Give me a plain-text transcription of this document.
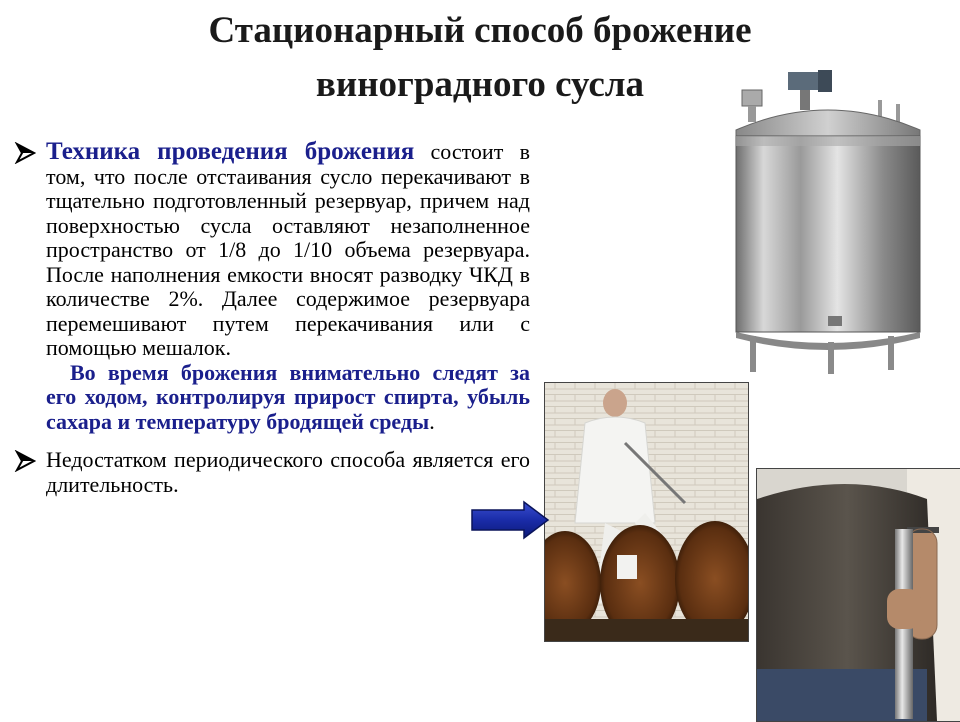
Стационарный способ брожение
виноградного сусла

Техника проведения брожения состоит в том, что после отстаивания сусло перекачивают в тщательно подготовленный резервуар, причем над поверхностью сусла оставляют незаполненное пространство от 1/8 до 1/10 объема резервуара. После наполнения емкости вносят разводку ЧКД в количестве 2%. Далее содержимое резервуара перемешивают путем перекачивания или с помощью мешалок.
Во время брожения внимательно следят за его ходом, контролируя прирост спирта, убыль сахара и температуру бродящей среды.

Недостатком периодического способа является его длительность.
